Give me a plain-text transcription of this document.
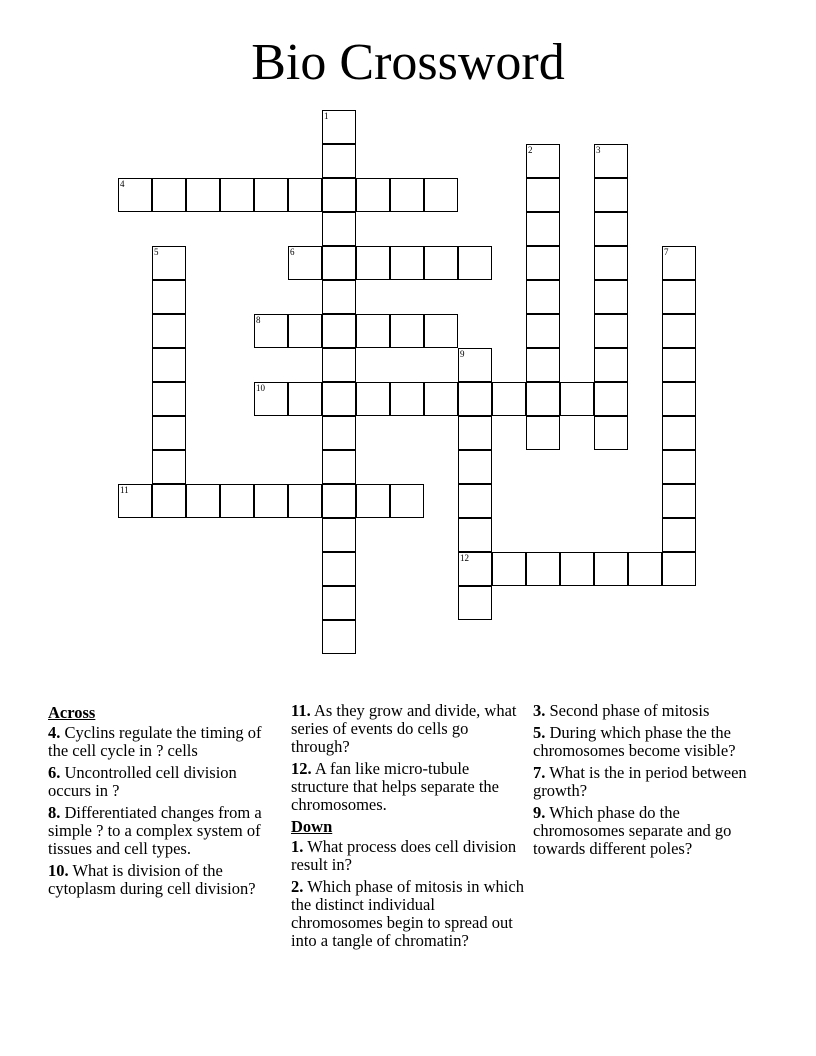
Bio Crossword
1
2	3
4
5	6	7
8
9
12
10
11
Across
4. Cyclins regulate the timing of the cell cycle in ? cells
6. Uncontrolled cell division occurs in ?
8. Differentiated changes from a simple ? to a complex system of tissues and cell types.
10. What is division of the cytoplasm during cell division?
11. As they grow and divide, what series of events do cells go through?
12. A fan like micro-tubule structure that helps separate the chromosomes.
Down
1. What process does cell division result in?
2. Which phase of mitosis in which the distinct individual chromosomes begin to spread out into a tangle of chromatin?
3. Second phase of mitosis
5. During which phase the the chromosomes become visible?
7. What is the in period between growth?
9. Which phase do the chromosomes separate and go towards different poles?
